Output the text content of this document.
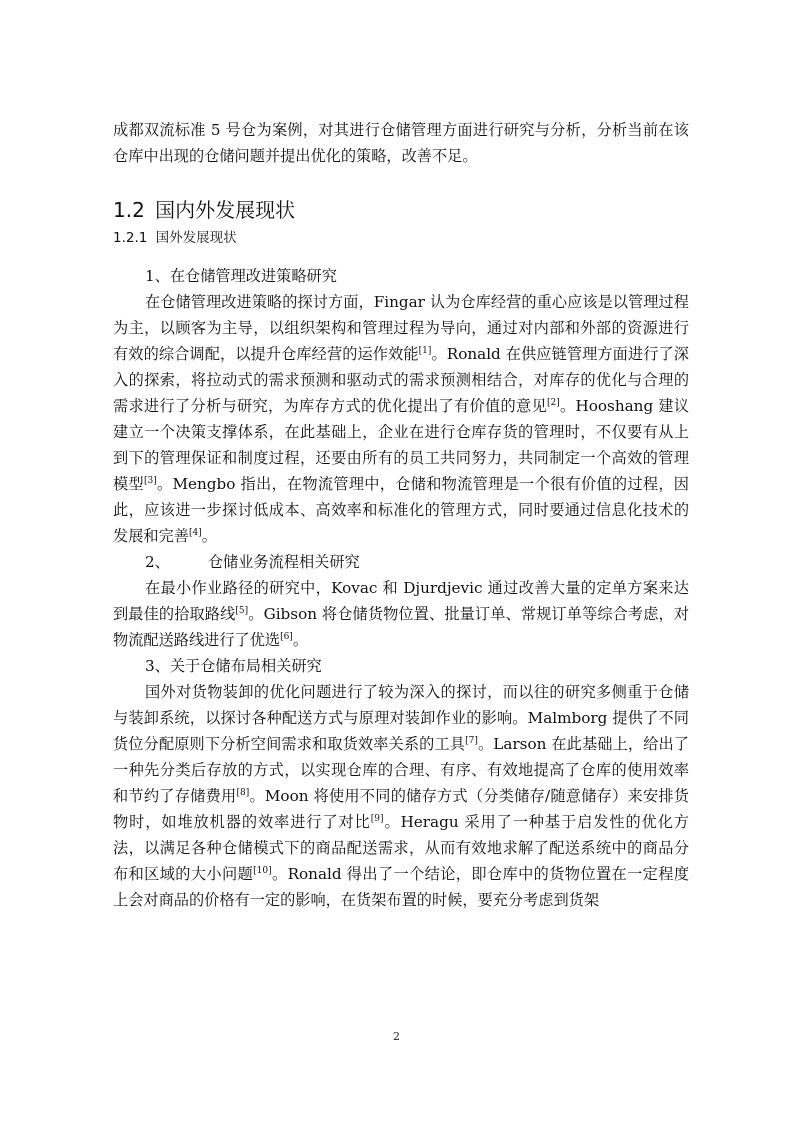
成都双流标准 5 号仓为案例，对其进行仓储管理方面进行研究与分析，分析当前在该仓库中出现的仓储问题并提出优化的策略，改善不足。

1.2 国内外发展现状
1.2.1 国外发展现状

1、在仓储管理改进策略研究

在仓储管理改进策略的探讨方面，Fingar 认为仓库经营的重心应该是以管理过程为主，以顾客为主导，以组织架构和管理过程为导向，通过对内部和外部的资源进行有效的综合调配，以提升仓库经营的运作效能[1]。Ronald 在供应链管理方面进行了深入的探索，将拉动式的需求预测和驱动式的需求预测相结合，对库存的优化与合理的需求进行了分析与研究，为库存方式的优化提出了有价值的意见[2]。Hooshang 建议建立一个决策支撑体系，在此基础上，企业在进行仓库存货的管理时，不仅要有从上到下的管理保证和制度过程，还要由所有的员工共同努力，共同制定一个高效的管理模型[3]。Mengbo 指出，在物流管理中，仓储和物流管理是一个很有价值的过程，因此，应该进一步探讨低成本、高效率和标准化的管理方式，同时要通过信息化技术的发展和完善[4]。

2、	仓储业务流程相关研究

在最小作业路径的研究中，Kovac 和 Djurdjevic 通过改善大量的定单方案来达到最佳的拾取路线[5]。Gibson 将仓储货物位置、批量订单、常规订单等综合考虑，对物流配送路线进行了优选[6]。

3、关于仓储布局相关研究

国外对货物装卸的优化问题进行了较为深入的探讨，而以往的研究多侧重于仓储与装卸系统，以探讨各种配送方式与原理对装卸作业的影响。Malmborg 提供了不同货位分配原则下分析空间需求和取货效率关系的工具[7]。Larson 在此基础上，给出了一种先分类后存放的方式，以实现仓库的合理、有序、有效地提高了仓库的使用效率和节约了存储费用[8]。Moon 将使用不同的储存方式（分类储存/随意储存）来安排货物时，如堆放机器的效率进行了对比[9]。Heragu 采用了一种基于启发性的优化方法，以满足各种仓储模式下的商品配送需求，从而有效地求解了配送系统中的商品分布和区域的大小问题[10]。Ronald 得出了一个结论，即仓库中的货物位置在一定程度上会对商品的价格有一定的影响，在货架布置的时候，要充分考虑到货架

2
